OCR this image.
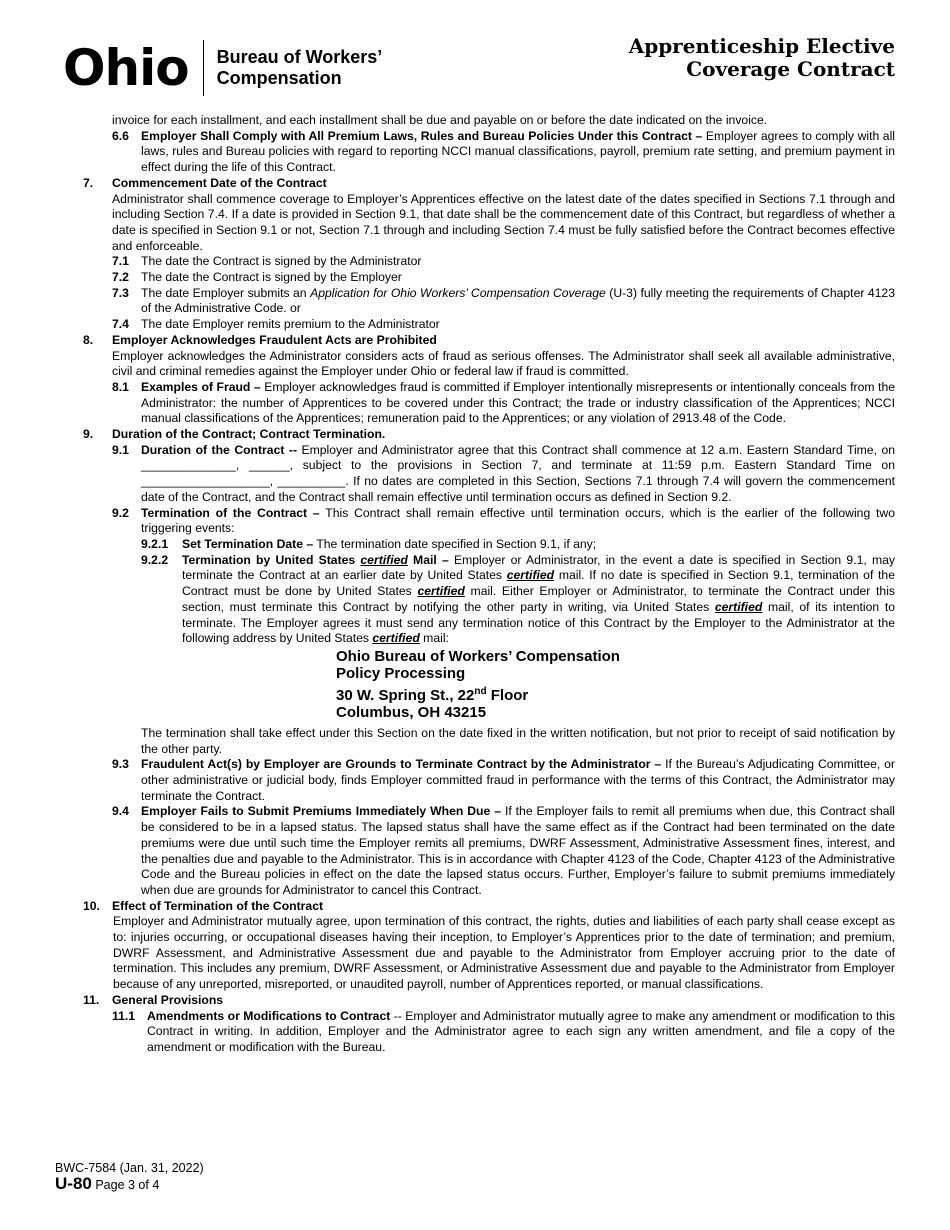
Ohio Bureau of Workers’
Compensation
Apprenticeship Elective
Coverage Contract

invoice for each installment, and each installment shall be due and payable on or before the date indicated on the invoice.

6.6 Employer Shall Comply with All Premium Laws, Rules and Bureau Policies Under this Contract – Employer agrees to comply with all laws, rules and Bureau policies with regard to reporting NCCI manual classifications, payroll, premium rate setting, and premium payment in effect during the life of this Contract.
7.	Commencement Date of the Contract

Administrator shall commence coverage to Employer’s Apprentices effective on the latest date of the dates specified in Sections 7.1 through and including Section 7.4. If a date is provided in Section 9.1, that date shall be the commencement date of this Contract, but regardless of whether a date is specified in Section 9.1 or not, Section 7.1 through and including Section 7.4 must be fully satisfied before the Contract becomes effective and enforceable.

7.1 The date the Contract is signed by the Administrator
7.2 The date the Contract is signed by the Employer
7.3 The date Employer submits an Application for Ohio Workers’ Compensation Coverage (U-3) fully meeting the requirements of Chapter 4123 of the Administrative Code. or
7.4 The date Employer remits premium to the Administrator
8.	Employer Acknowledges Fraudulent Acts are Prohibited

Employer acknowledges the Administrator considers acts of fraud as serious offenses. The Administrator shall seek all available administrative, civil and criminal remedies against the Employer under Ohio or federal law if fraud is committed.

8.1 Examples of Fraud – Employer acknowledges fraud is committed if Employer intentionally misrepresents or intentionally conceals from the Administrator: the number of Apprentices to be covered under this Contract; the trade or industry classification of the Apprentices; NCCI manual classifications of the Apprentices; remuneration paid to the Apprentices; or any violation of 2913.48 of the Code.
9.	Duration of the Contract; Contract Termination.
9.1 Duration of the Contract -- Employer and Administrator agree that this Contract shall commence at 12 a.m. Eastern Standard Time, on ______________, ______, subject to the provisions in Section 7, and terminate at 11:59 p.m. Eastern Standard Time on ___________________, __________. If no dates are completed in this Section, Sections 7.1 through 7.4 will govern the commencement date of the Contract, and the Contract shall remain effective until termination occurs as defined in Section 9.2.
9.2 Termination of the Contract – This Contract shall remain effective until termination occurs, which is the earlier of the following two triggering events:
9.2.1	Set Termination Date – The termination date specified in Section 9.1, if any;
9.2.2	Termination by United States certified Mail – Employer or Administrator, in the event a date is specified in Section 9.1, may terminate the Contract at an earlier date by United States certified mail. If no date is specified in Section 9.1, termination of the Contract must be done by United States certified mail. Either Employer or Administrator, to terminate the Contract under this section, must terminate this Contract by notifying the other party in writing, via United States certified mail, of its intention to terminate. The Employer agrees it must send any termination notice of this Contract by the Employer to the Administrator at the following address by United States certified mail:
Ohio Bureau of Workers’ Compensation
Policy Processing
30 W. Spring St., 22nd Floor
Columbus, OH 43215

The termination shall take effect under this Section on the date fixed in the written notification, but not prior to receipt of said notification by the other party.

9.3 Fraudulent Act(s) by Employer are Grounds to Terminate Contract by the Administrator – If the Bureau’s Adjudicating Committee, or other administrative or judicial body, finds Employer committed fraud in performance with the terms of this Contract, the Administrator may terminate the Contract.
9.4 Employer Fails to Submit Premiums Immediately When Due – If the Employer fails to remit all premiums when due, this Contract shall be considered to be in a lapsed status. The lapsed status shall have the same effect as if the Contract had been terminated on the date premiums were due until such time the Employer remits all premiums, DWRF Assessment, Administrative Assessment fines, interest, and the penalties due and payable to the Administrator. This is in accordance with Chapter 4123 of the Code, Chapter 4123 of the Administrative Code and the Bureau policies in effect on the date the lapsed status occurs. Further, Employer’s failure to submit premiums immediately when due are grounds for Administrator to cancel this Contract.
10. Effect of Termination of the Contract

Employer and Administrator mutually agree, upon termination of this contract, the rights, duties and liabilities of each party shall cease except as to: injuries occurring, or occupational diseases having their inception, to Employer’s Apprentices prior to the date of termination; and premium, DWRF Assessment, and Administrative Assessment due and payable to the Administrator from Employer accruing prior to the date of termination. This includes any premium, DWRF Assessment, or Administrative Assessment due and payable to the Administrator from Employer because of any unreported, misreported, or unaudited payroll, number of Apprentices reported, or manual classifications.

11.	General Provisions
11.1 Amendments or Modifications to Contract -- Employer and Administrator mutually agree to make any amendment or modification to this Contract in writing. In addition, Employer and the Administrator agree to each sign any written amendment, and file a copy of the amendment or modification with the Bureau.
BWC-7584 (Jan. 31, 2022)
U-80 Page 3 of 4
